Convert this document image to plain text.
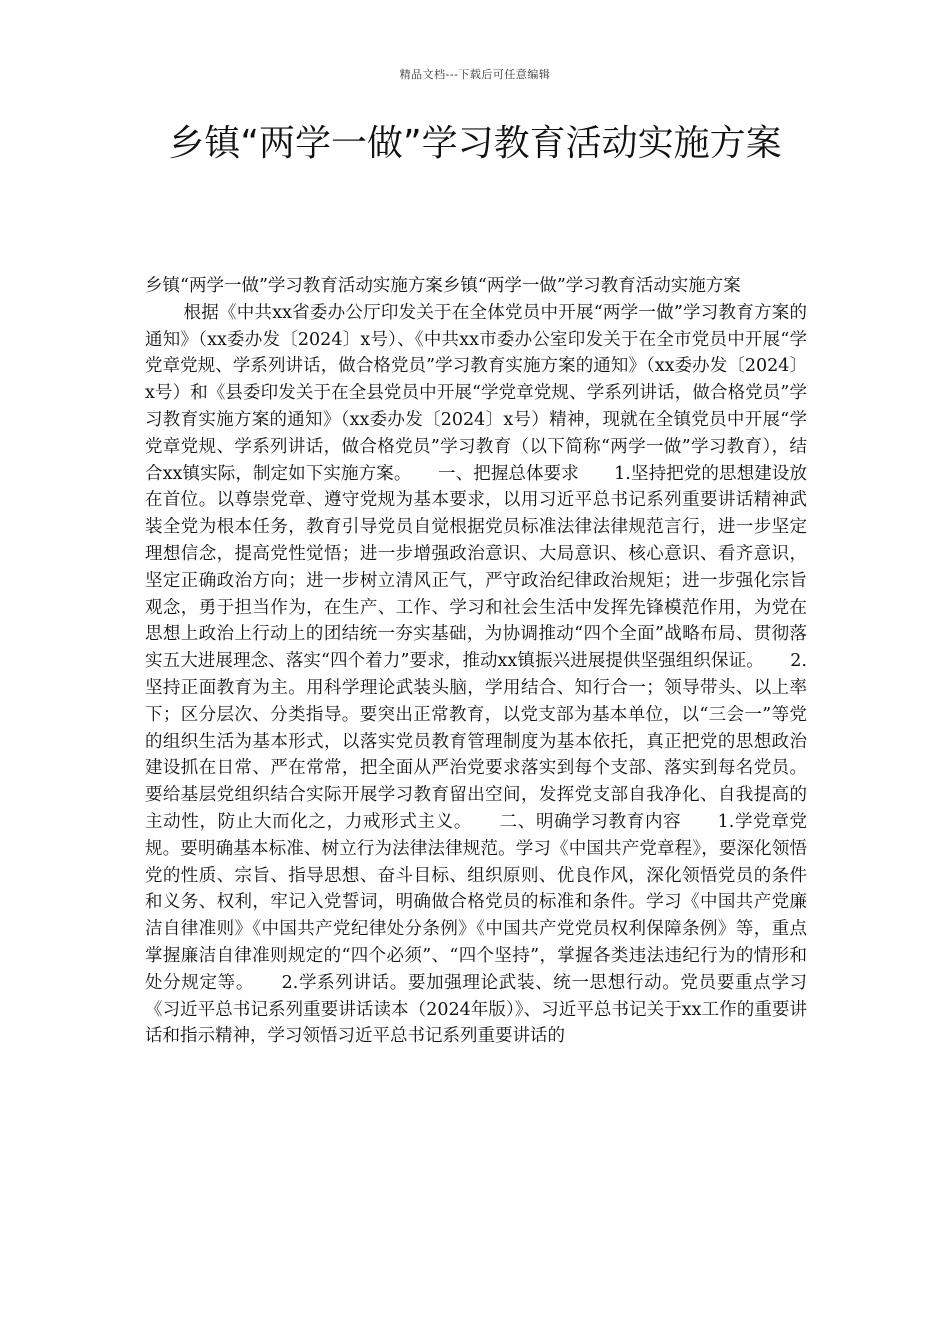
精品文档---下载后可任意编辑
乡镇“两学一做”学习教育活动实施方案

乡镇“两学一做”学习教育活动实施方案乡镇“两学一做”学习教育活动实施方案

根据《中共xx省委办公厅印发关于在全体党员中开展“两学一做”学习教育方案的通知》（xx委办发〔2024〕x号）、《中共xx市委办公室印发关于在全市党员中开展“学党章党规、学系列讲话，做合格党员”学习教育实施方案的通知》（xx委办发〔2024〕x号）和《县委印发关于在全县党员中开展“学党章党规、学系列讲话，做合格党员”学习教育实施方案的通知》（xx委办发〔2024〕x号）精神，现就在全镇党员中开展“学党章党规、学系列讲话，做合格党员”学习教育（以下简称“两学一做”学习教育），结合xx镇实际，制定如下实施方案。　　一、把握总体要求　　1.坚持把党的思想建设放在首位。以尊崇党章、遵守党规为基本要求，以用习近平总书记系列重要讲话精神武装全党为根本任务，教育引导党员自觉根据党员标准法律法律规范言行，进一步坚定理想信念，提高党性觉悟；进一步增强政治意识、大局意识、核心意识、看齐意识，坚定正确政治方向；进一步树立清风正气，严守政治纪律政治规矩；进一步强化宗旨观念，勇于担当作为，在生产、工作、学习和社会生活中发挥先锋模范作用，为党在思想上政治上行动上的团结统一夯实基础，为协调推动“四个全面”战略布局、贯彻落实五大进展理念、落实“四个着力”要求，推动xx镇振兴进展提供坚强组织保证。　　2.坚持正面教育为主。用科学理论武装头脑，学用结合、知行合一；领导带头、以上率下；区分层次、分类指导。要突出正常教育，以党支部为基本单位，以“三会一”等党的组织生活为基本形式，以落实党员教育管理制度为基本依托，真正把党的思想政治建设抓在日常、严在常常，把全面从严治党要求落实到每个支部、落实到每名党员。要给基层党组织结合实际开展学习教育留出空间，发挥党支部自我净化、自我提高的主动性，防止大而化之，力戒形式主义。　　二、明确学习教育内容　　1.学党章党规。要明确基本标准、树立行为法律法律规范。学习《中国共产党章程》，要深化领悟党的性质、宗旨、指导思想、奋斗目标、组织原则、优良作风，深化领悟党员的条件和义务、权利，牢记入党誓词，明确做合格党员的标准和条件。学习《中国共产党廉洁自律准则》《中国共产党纪律处分条例》《中国共产党党员权利保障条例》等，重点掌握廉洁自律准则规定的“四个必须”、“四个坚持”，掌握各类违法违纪行为的情形和处分规定等。　　2.学系列讲话。要加强理论武装、统一思想行动。党员要重点学习《习近平总书记系列重要讲话读本（2024年版）》、习近平总书记关于xx工作的重要讲话和指示精神，学习领悟习近平总书记系列重要讲话的
